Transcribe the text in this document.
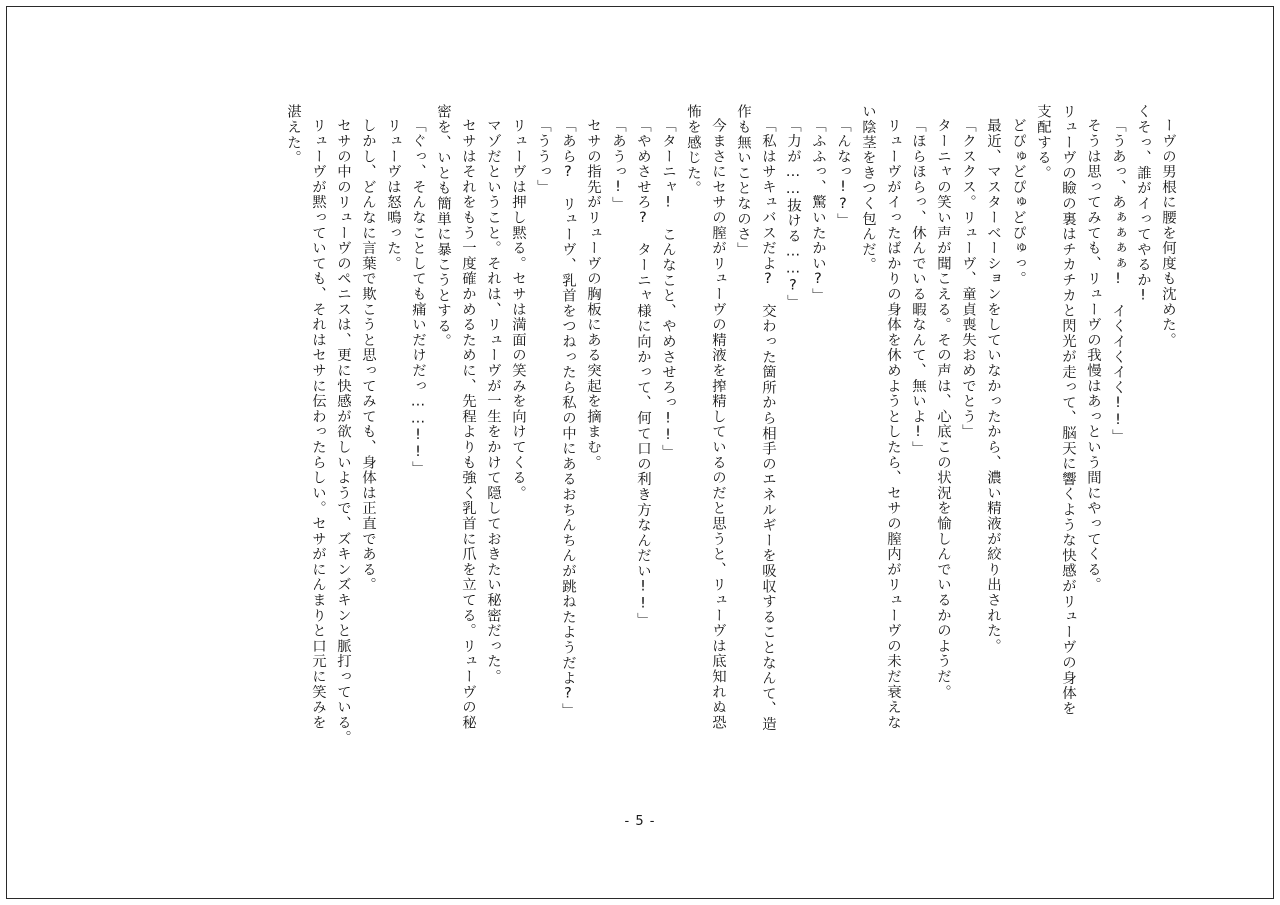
ーヴの男根に腰を何度も沈めた。
くそっ、誰がイってやるか!
「うあっ、あぁぁぁぁ!　イくイくイく!!」
そうは思ってみても、リューヴの我慢はあっという間にやってくる。
リューヴの瞼の裏はチカチカと閃光が走って、脳天に響くような快感がリューヴの身体を
支配する。
どぴゅどぴゅどぴゅっ。
最近、マスターベーションをしていなかったから、濃い精液が絞り出された。
「クスクス。リューヴ、童貞喪失おめでとう」
ターニャの笑い声が聞こえる。その声は、心底この状況を愉しんでいるかのようだ。
「ほらほらっ、休んでいる暇なんて、無いよ!」
リューヴがイったばかりの身体を休めようとしたら、セサの膣内がリューヴの未だ衰えな
い陰茎をきつく包んだ。
「んなっ!?」
「ふふっ、驚いたかい?」
「力が……抜ける……?」
「私はサキュバスだよ?　交わった箇所から相手のエネルギーを吸収することなんて、造
作も無いことなのさ」
今まさにセサの膣がリューヴの精液を搾精しているのだと思うと、リューヴは底知れぬ恐
怖を感じた。
「ターニャ!　こんなこと、やめさせろっ!!」
「やめさせろ?　ターニャ様に向かって、何て口の利き方なんだい!!」
「あうっ!」
セサの指先がリューヴの胸板にある突起を摘まむ。
「あら?　リューヴ、乳首をつねったら私の中にあるおちんちんが跳ねたようだよ?」
「ううっ」
リューヴは押し黙る。セサは満面の笑みを向けてくる。
マゾだということ。それは、リューヴが一生をかけて隠しておきたい秘密だった。
セサはそれをもう一度確かめるために、先程よりも強く乳首に爪を立てる。リューヴの秘
密を、いとも簡単に暴こうとする。
「ぐっ、そんなことしても痛いだけだっ……!!」
リューヴは怒鳴った。
しかし、どんなに言葉で欺こうと思ってみても、身体は正直である。
セサの中のリューヴのペニスは、更に快感が欲しいようで、ズキンズキンと脈打っている。
リューヴが黙っていても、それはセサに伝わったらしい。セサがにんまりと口元に笑みを
湛えた。
- 5 -
